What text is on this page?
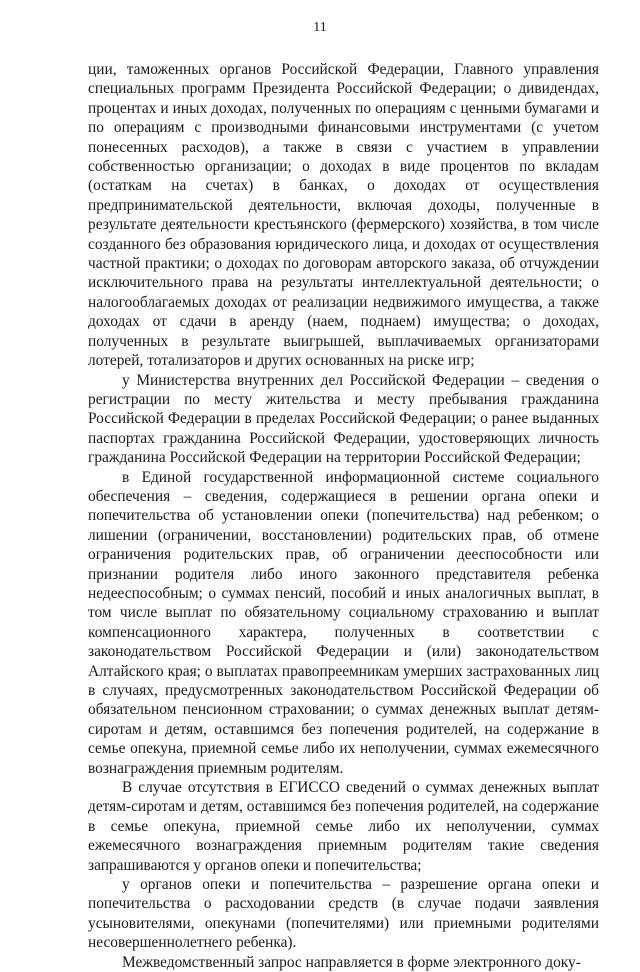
11

ции, таможенных органов Российской Федерации, Главного управления специальных программ Президента Российской Федерации; о дивидендах, процентах и иных доходах, полученных по операциям с ценными бумагами и по операциям с производными финансовыми инструментами (с учетом понесенных расходов), а также в связи с участием в управлении собственностью организации; о доходах в виде процентов по вкладам (остаткам на счетах) в банках, о доходах от осуществления предпринимательской деятельности, включая доходы, полученные в результате деятельности крестьянского (фермерского) хозяйства, в том числе созданного без образования юридического лица, и доходах от осуществления частной практики; о доходах по договорам авторского заказа, об отчуждении исключительного права на результаты интеллектуальной деятельности; о налогооблагаемых доходах от реализации недвижимого имущества, а также доходах от сдачи в аренду (наем, поднаем) имущества; о доходах, полученных в результате выигрышей, выплачиваемых организаторами лотерей, тотализаторов и других основанных на риске игр;

у Министерства внутренних дел Российской Федерации – сведения о регистрации по месту жительства и месту пребывания гражданина Российской Федерации в пределах Российской Федерации; о ранее выданных паспортах гражданина Российской Федерации, удостоверяющих личность гражданина Российской Федерации на территории Российской Федерации;

в Единой государственной информационной системе социального обеспечения – сведения, содержащиеся в решении органа опеки и попечительства об установлении опеки (попечительства) над ребенком; о лишении (ограничении, восстановлении) родительских прав, об отмене ограничения родительских прав, об ограничении дееспособности или признании родителя либо иного законного представителя ребенка недееспособным; о суммах пенсий, пособий и иных аналогичных выплат, в том числе выплат по обязательному социальному страхованию и выплат компенсационного характера, полученных в соответствии с законодательством Российской Федерации и (или) законодательством Алтайского края; о выплатах правопреемникам умерших застрахованных лиц в случаях, предусмотренных законодательством Российской Федерации об обязательном пенсионном страховании; о суммах денежных выплат детям-сиротам и детям, оставшимся без попечения родителей, на содержание в семье опекуна, приемной семье либо их неполучении, суммах ежемесячного вознаграждения приемным родителям.

В случае отсутствия в ЕГИССО сведений о суммах денежных выплат детям-сиротам и детям, оставшимся без попечения родителей, на содержание в семье опекуна, приемной семье либо их неполучении, суммах ежемесячного вознаграждения приемным родителям такие сведения запрашиваются у органов опеки и попечительства;

у органов опеки и попечительства – разрешение органа опеки и попечительства о расходовании средств (в случае подачи заявления усыновителями, опекунами (попечителями) или приемными родителями несовершеннолетнего ребенка).

Межведомственный запрос направляется в форме электронного доку-
